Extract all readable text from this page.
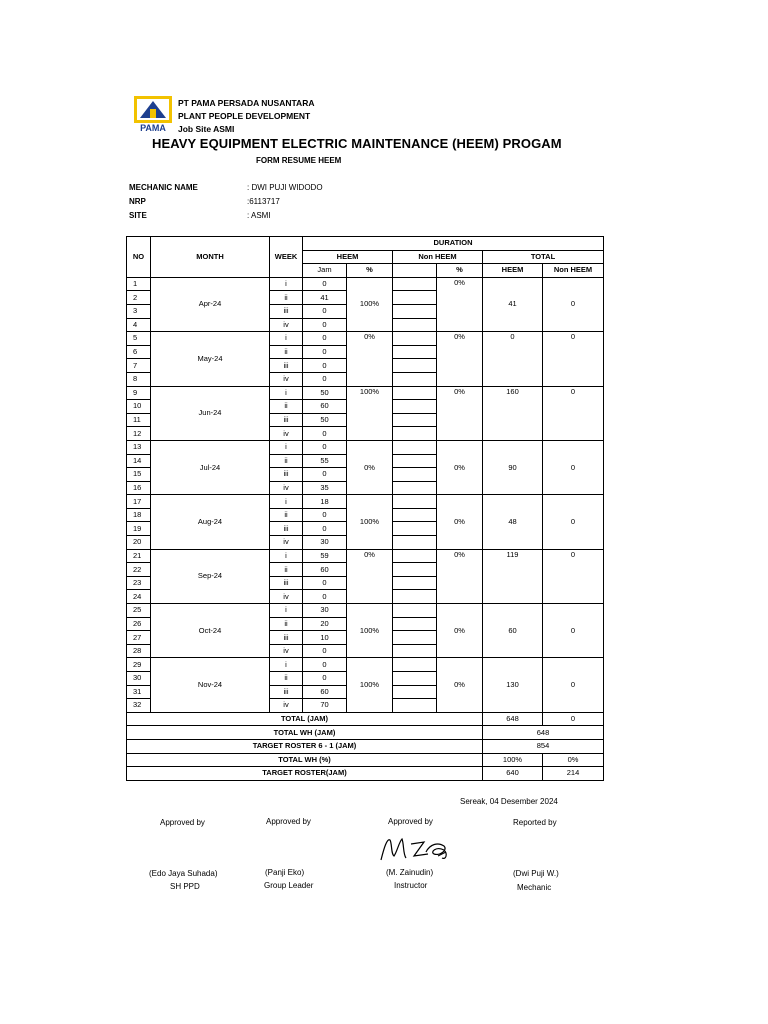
PAMA
PT PAMA PERSADA NUSANTARA
PLANT PEOPLE DEVELOPMENT
Job Site ASMI
HEAVY EQUIPMENT ELECTRIC MAINTENANCE (HEEM) PROGAM
FORM RESUME HEEM
MECHANIC NAME	: DWI PUJI WIDODO
NRP	:6113717
SITE	: ASMI
NO	MONTH	WEEK	DURATION					
			HEEM		Non HEEM		TOTAL	
			Jam	%		%	HEEM	Non HEEM
1	Apr-24	i	0	100%		0%	41	0
2		ii	41					
3		iii	0					
4		iv	0					
5	May-24	i	0	0%		0%	0	0
6		ii	0					
7		iii	0					
8		iv	0					
9	Jun-24	i	50	100%		0%	160	0
10		ii	60					
11		iii	50					
12		iv	0					
13	Jul-24	i	0	0%		0%	90	0
14		ii	55					
15		iii	0					
16		iv	35					
17	Aug-24	i	18	100%		0%	48	0
18		ii	0					
19		iii	0					
20		iv	30					
21	Sep-24	i	59	0%		0%	119	0
22		ii	60					
23		iii	0					
24		iv	0					
25	Oct-24	i	30	100%		0%	60	0
26		ii	20					
27		iii	10					
28		iv	0					
29	Nov-24	i	0	100%		0%	130	0
30		ii	0					
31		iii	60					
32		iv	70					
TOTAL (JAM)							648	0
TOTAL WH (JAM)							648	
TARGET ROSTER 6 - 1 (JAM)							854	
TOTAL WH (%)							100%	0%
TARGET ROSTER(JAM)							640	214
Sereak, 04 Desember 2024
Approved by	Approved by	Approved by	Reported by
(Edo Jaya Suhada)
SH PPD
(Panji Eko)
Group Leader
(M. Zainudin)
Instructor
(Dwi Puji W.)
Mechanic
